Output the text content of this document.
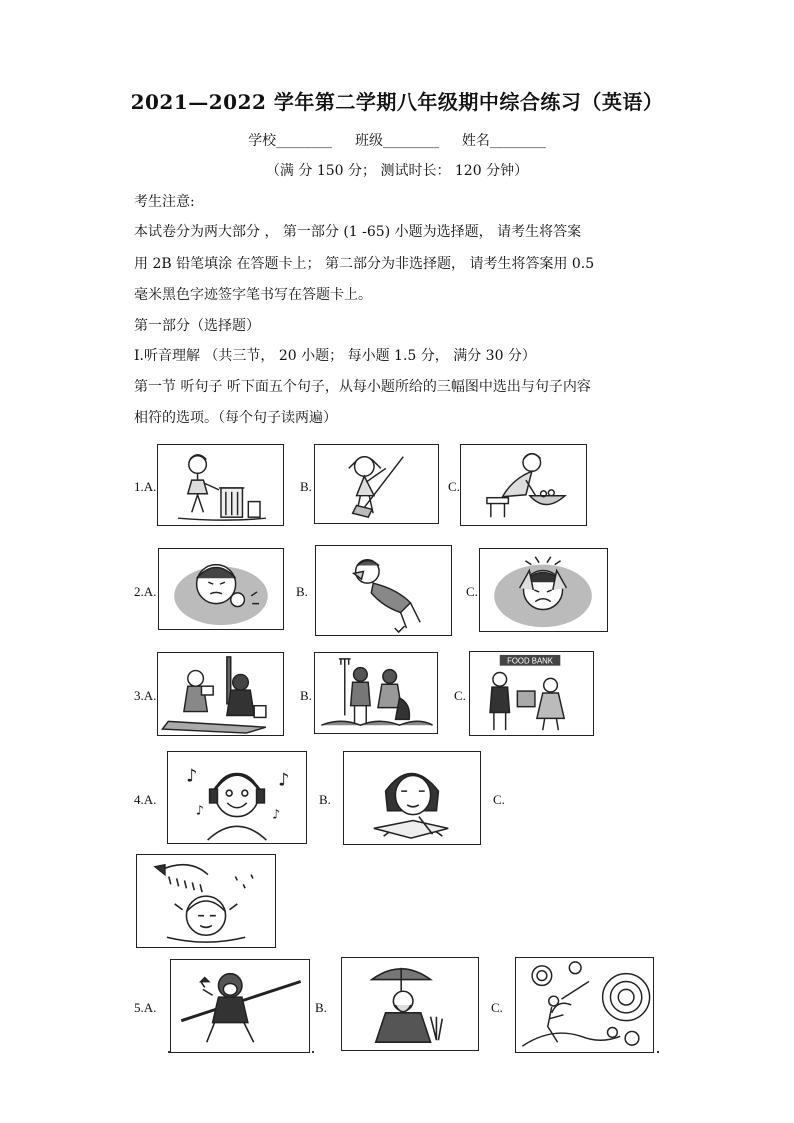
2021—2022 学年第二学期八年级期中综合练习（英语）
学校________ 班级________ 姓名________
（满 分 150 分； 测试时长： 120 分钟）
考生注意:
本试卷分为两大部分 ， 第一部分 (1 -65) 小题为选择题， 请考生将答案
用 2B 铅笔填涂 在答题卡上； 第二部分为非选择题， 请考生将答案用 0.5
毫米黑色字迹签字笔书写在答题卡上。
第一部分（选择题）
I.听音理解 （共三节， 20 小题； 每小题 1.5 分， 满分 30 分）
第一节 听句子 听下面五个句子，从每小题所给的三幅图中选出与句子内容
相符的选项。（每个句子读两遍）
1.A.	B.	C.
2.A.	B.	C.
3.A.	B.	C.
FOOD BANK
4.A.
♪	♪
♪	♪
B.	C.
5.A.	B.	C.
